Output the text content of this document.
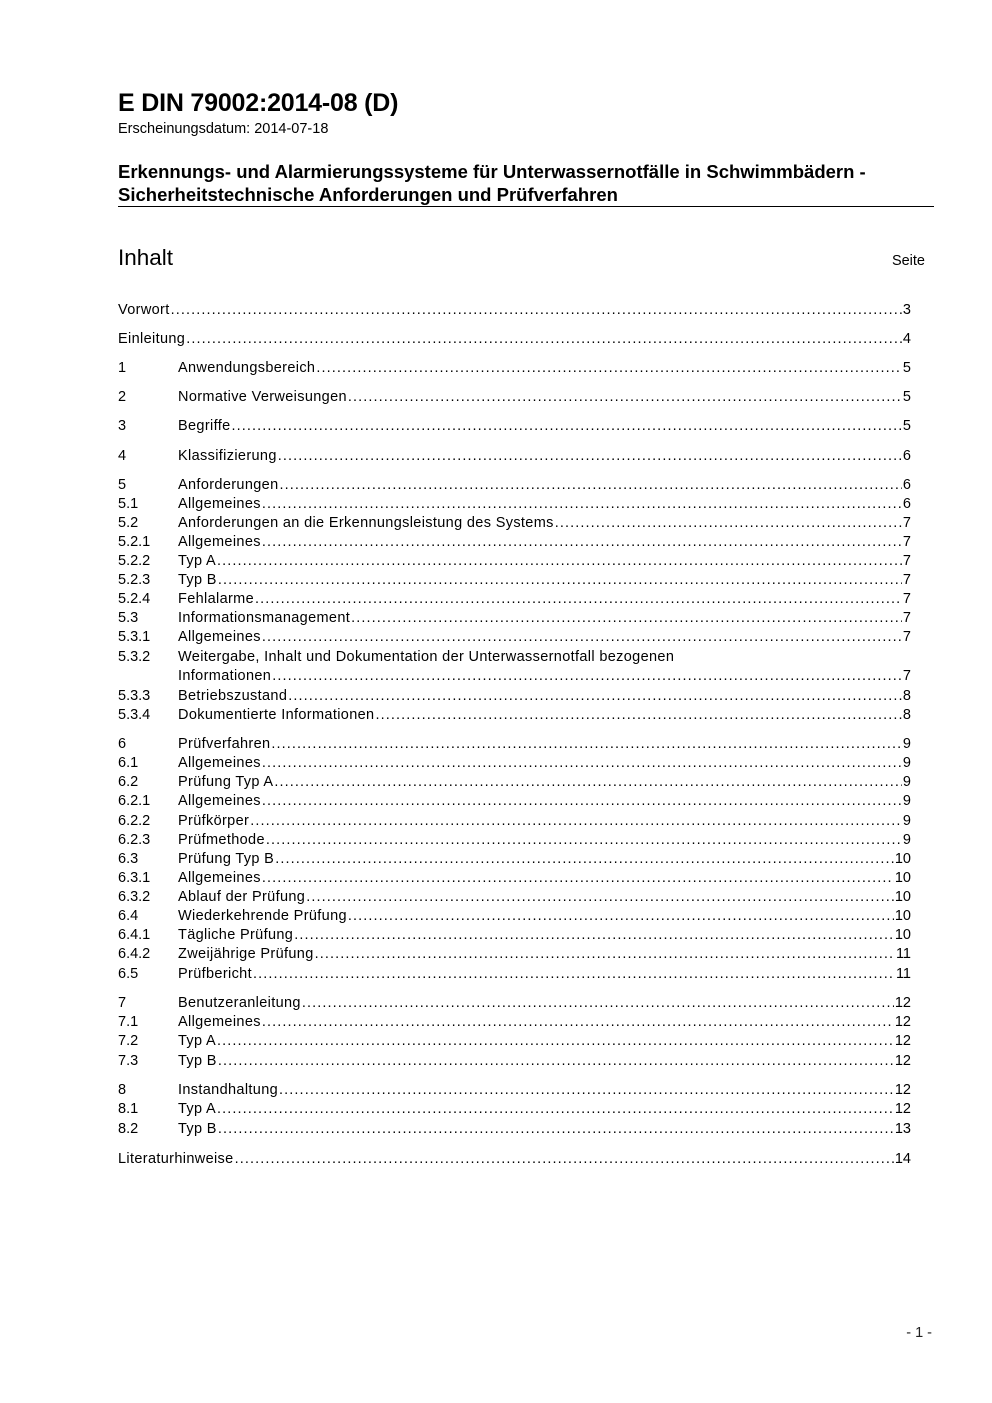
E DIN 79002:2014-08 (D)
Erscheinungsdatum: 2014-07-18
Erkennungs- und Alarmierungssysteme für Unterwassernotfälle in Schwimmbädern -
Sicherheitstechnische Anforderungen und Prüfverfahren
Inhalt	Seite
Vorwort .....	3
Einleitung .....	4
1	Anwendungsbereich .....	5
2	Normative Verweisungen .....	5
3	Begriffe .....	5
4	Klassifizierung .....	6
5	Anforderungen .....	6
5.1	Allgemeines .....	6
5.2	Anforderungen an die Erkennungsleistung des Systems .....	7
5.2.1	Allgemeines .....	7
5.2.2	Typ A .....	7
5.2.3	Typ B .....	7
5.2.4	Fehlalarme .....	7
5.3	Informationsmanagement .....	7
5.3.1	Allgemeines .....	7
5.3.2	Weitergabe, Inhalt und Dokumentation der Unterwassernotfall bezogenen
Informationen .....	7
5.3.3	Betriebszustand .....	8
5.3.4	Dokumentierte Informationen .....	8
6	Prüfverfahren .....	9
6.1	Allgemeines .....	9
6.2	Prüfung Typ A .....	9
6.2.1	Allgemeines .....	9
6.2.2	Prüfkörper .....	9
6.2.3	Prüfmethode .....	9
6.3	Prüfung Typ B .....	10
6.3.1	Allgemeines .....	10
6.3.2	Ablauf der Prüfung .....	10
6.4	Wiederkehrende Prüfung .....	10
6.4.1	Tägliche Prüfung .....	10
6.4.2	Zweijährige Prüfung .....	11
6.5	Prüfbericht .....	11
7	Benutzeranleitung .....	12
7.1	Allgemeines .....	12
7.2	Typ A .....	12
7.3	Typ B .....	12
8	Instandhaltung .....	12
8.1	Typ A .....	12
8.2	Typ B .....	13
Literaturhinweise .....	14
- 1 -
